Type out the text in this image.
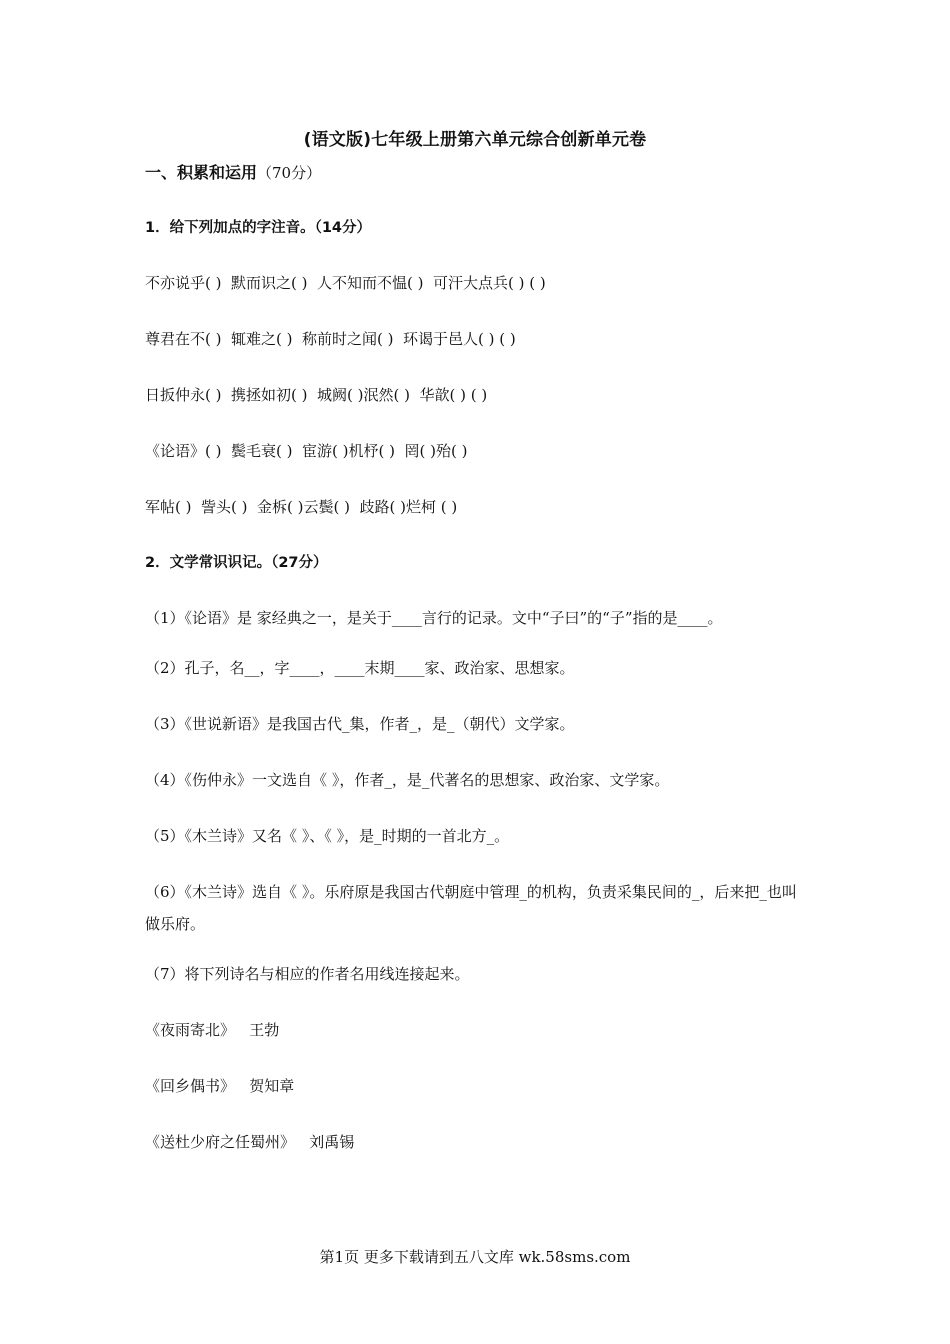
(语文版)七年级上册第六单元综合创新单元卷
一、积累和运用（70分）
1．给下列加点的字注音。（14分）
不亦说乎( )  默而识之( )  人不知而不愠( )  可汗大点兵( ) ( )
尊君在不( )  辄难之( )  称前时之闻( )  环谒于邑人( ) ( )
日扳仲永( )  携拯如初( )  城阙( )泯然( )  华歆( ) ( )
《论语》( )  鬓毛衰( )  宦游( )机杼( )  罔( )殆( )
军帖( )  訾头( )  金柝( )云鬓( )  歧路( )烂柯 ( )
2．文学常识识记。（27分）
（1）《论语》是 家经典之一，是关于____言行的记录。文中“子曰”的“子”指的是____。
（2）孔子，名__，字____，____末期____家、政治家、思想家。
（3）《世说新语》是我国古代_集，作者_，是_（朝代）文学家。
（4）《伤仲永》一文选自《 》，作者_，是_代著名的思想家、政治家、文学家。
（5）《木兰诗》又名《 》、《 》，是_时期的一首北方_。
（6）《木兰诗》选自《 》。乐府原是我国古代朝庭中管理_的机构，负责采集民间的_，后来把_也叫做乐府。
（7）将下列诗名与相应的作者名用线连接起来。
《夜雨寄北》   王勃
《回乡偶书》   贺知章
《送杜少府之任蜀州》   刘禹锡
第1页 更多下载请到五八文库 wk.58sms.com
